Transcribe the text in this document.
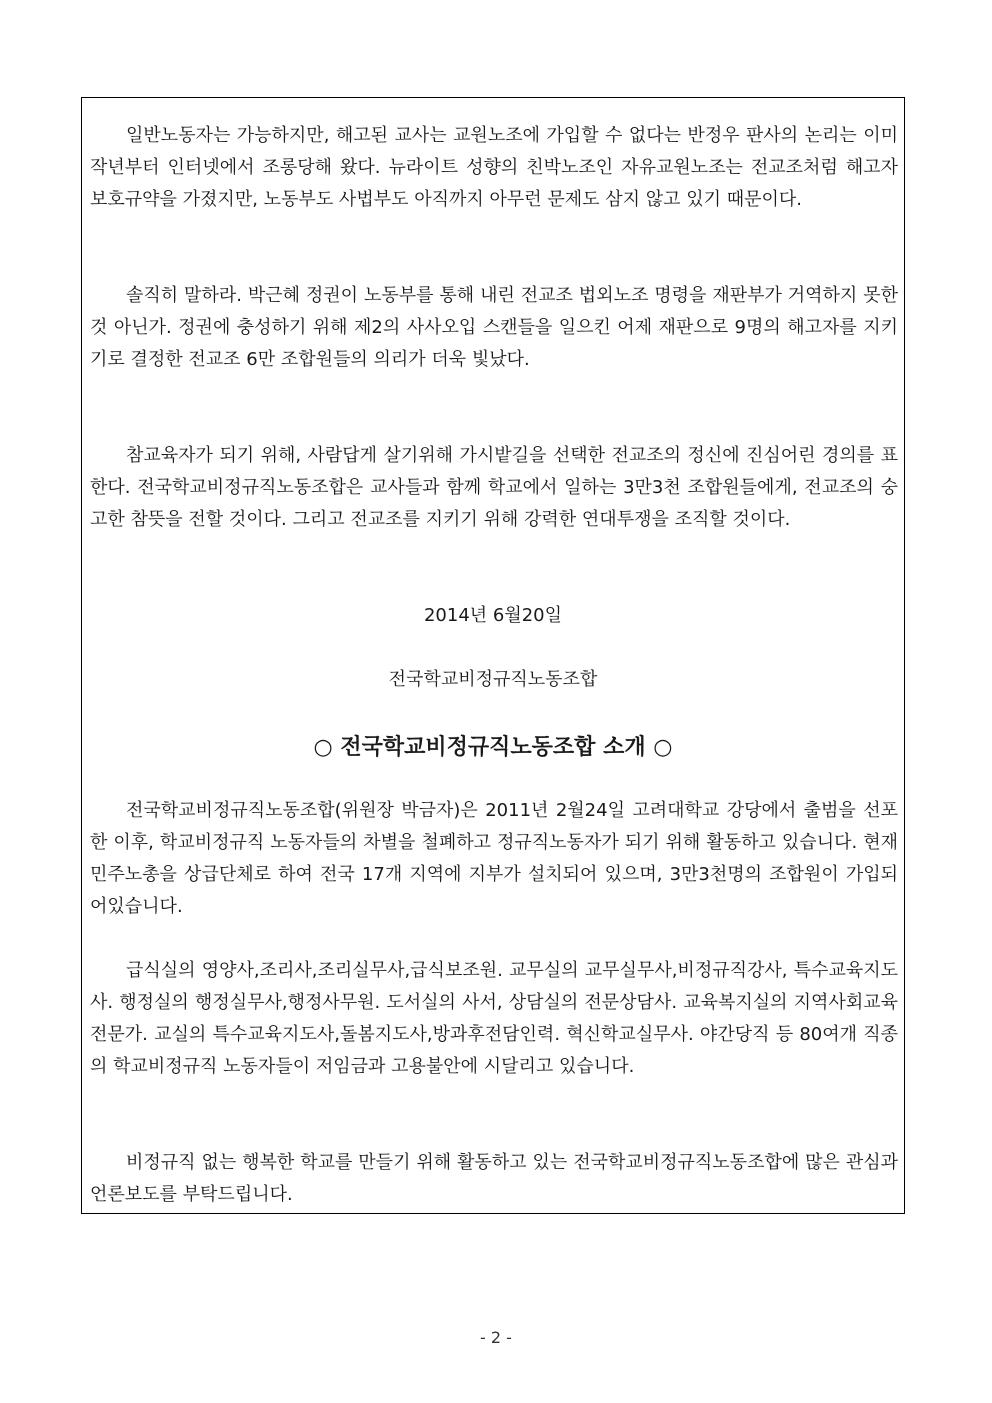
일반노동자는 가능하지만, 해고된 교사는 교원노조에 가입할 수 없다는 반정우 판사의 논리는 이미 작년부터 인터넷에서 조롱당해 왔다. 뉴라이트 성향의 친박노조인 자유교원노조는 전교조처럼 해고자 보호규약을 가졌지만, 노동부도 사법부도 아직까지 아무런 문제도 삼지 않고 있기 때문이다.

솔직히 말하라. 박근혜 정권이 노동부를 통해 내린 전교조 법외노조 명령을 재판부가 거역하지 못한 것 아닌가. 정권에 충성하기 위해 제2의 사사오입 스캔들을 일으킨 어제 재판으로 9명의 해고자를 지키기로 결정한 전교조 6만 조합원들의 의리가 더욱 빛났다.

참교육자가 되기 위해, 사람답게 살기위해 가시밭길을 선택한 전교조의 정신에 진심어린 경의를 표한다. 전국학교비정규직노동조합은 교사들과 함께 학교에서 일하는 3만3천 조합원들에게, 전교조의 숭고한 참뜻을 전할 것이다. 그리고 전교조를 지키기 위해 강력한 연대투쟁을 조직할 것이다.

2014년 6월20일

전국학교비정규직노동조합

○ 전국학교비정규직노동조합 소개 ○

전국학교비정규직노동조합(위원장 박금자)은 2011년 2월24일 고려대학교 강당에서 출범을 선포한 이후, 학교비정규직 노동자들의 차별을 철폐하고 정규직노동자가 되기 위해 활동하고 있습니다. 현재 민주노총을 상급단체로 하여 전국 17개 지역에 지부가 설치되어 있으며, 3만3천명의 조합원이 가입되어있습니다.

급식실의 영양사,조리사,조리실무사,급식보조원. 교무실의 교무실무사,비정규직강사, 특수교육지도사. 행정실의 행정실무사,행정사무원. 도서실의 사서, 상담실의 전문상담사. 교육복지실의 지역사회교육전문가. 교실의 특수교육지도사,돌봄지도사,방과후전담인력. 혁신학교실무사. 야간당직 등 80여개 직종의 학교비정규직 노동자들이 저임금과 고용불안에 시달리고 있습니다.

비정규직 없는 행복한 학교를 만들기 위해 활동하고 있는 전국학교비정규직노동조합에 많은 관심과 언론보도를 부탁드립니다.

- 2 -
